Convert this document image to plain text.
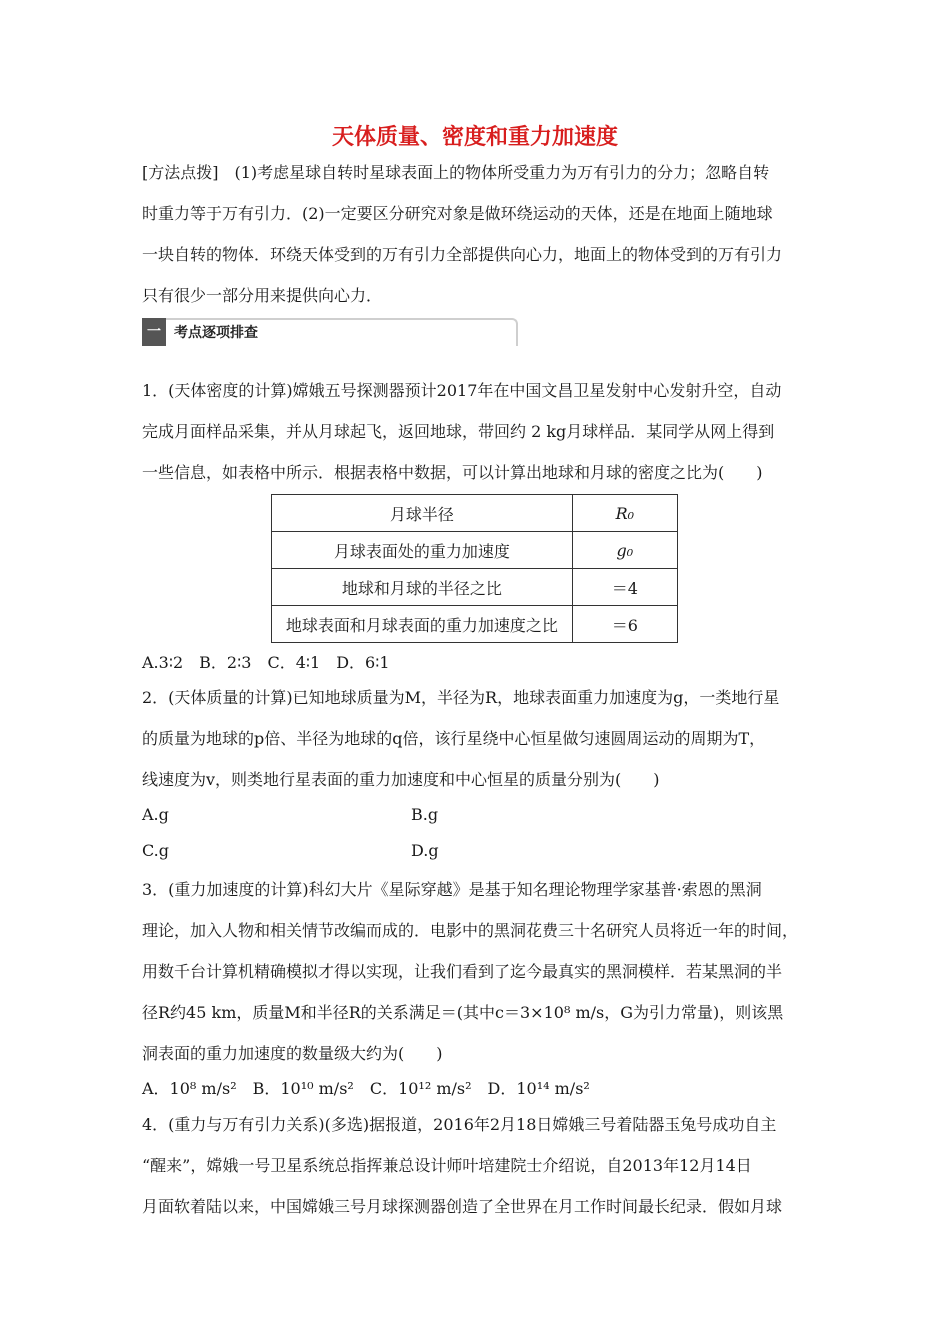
天体质量、密度和重力加速度
[方法点拨]　(1)考虑星球自转时星球表面上的物体所受重力为万有引力的分力；忽略自转
时重力等于万有引力．(2)一定要区分研究对象是做环绕运动的天体，还是在地面上随地球
一块自转的物体．环绕天体受到的万有引力全部提供向心力，地面上的物体受到的万有引力
只有很少一部分用来提供向心力．
一 考点逐项排查
1．(天体密度的计算)嫦娥五号探测器预计2017年在中国文昌卫星发射中心发射升空，自动
完成月面样品采集，并从月球起飞，返回地球，带回约 2 kg月球样品．某同学从网上得到
一些信息，如表格中所示．根据表格中数据，可以计算出地球和月球的密度之比为(　　)
月球半径	R₀
月球表面处的重力加速度	g₀
地球和月球的半径之比	＝4
地球表面和月球表面的重力加速度之比	＝6
A.3∶2　B．2∶3　C．4∶1　D．6∶1
2．(天体质量的计算)已知地球质量为M，半径为R，地球表面重力加速度为g，一类地行星
的质量为地球的p倍、半径为地球的q倍，该行星绕中心恒星做匀速圆周运动的周期为T，
线速度为v，则类地行星表面的重力加速度和中心恒星的质量分别为(　　)
A.g	B.g
C.g	D.g
3．(重力加速度的计算)科幻大片《星际穿越》是基于知名理论物理学家基普·索恩的黑洞
理论，加入人物和相关情节改编而成的．电影中的黑洞花费三十名研究人员将近一年的时间，
用数千台计算机精确模拟才得以实现，让我们看到了迄今最真实的黑洞模样．若某黑洞的半
径R约45 km，质量M和半径R的关系满足＝(其中c＝3×10⁸ m/s，G为引力常量)，则该黑
洞表面的重力加速度的数量级大约为(　　)
A．10⁸ m/s²　B．10¹⁰ m/s²　C．10¹² m/s²　D．10¹⁴ m/s²
4．(重力与万有引力关系)(多选)据报道，2016年2月18日嫦娥三号着陆器玉兔号成功自主
“醒来”，嫦娥一号卫星系统总指挥兼总设计师叶培建院士介绍说，自2013年12月14日
月面软着陆以来，中国嫦娥三号月球探测器创造了全世界在月工作时间最长纪录．假如月球
